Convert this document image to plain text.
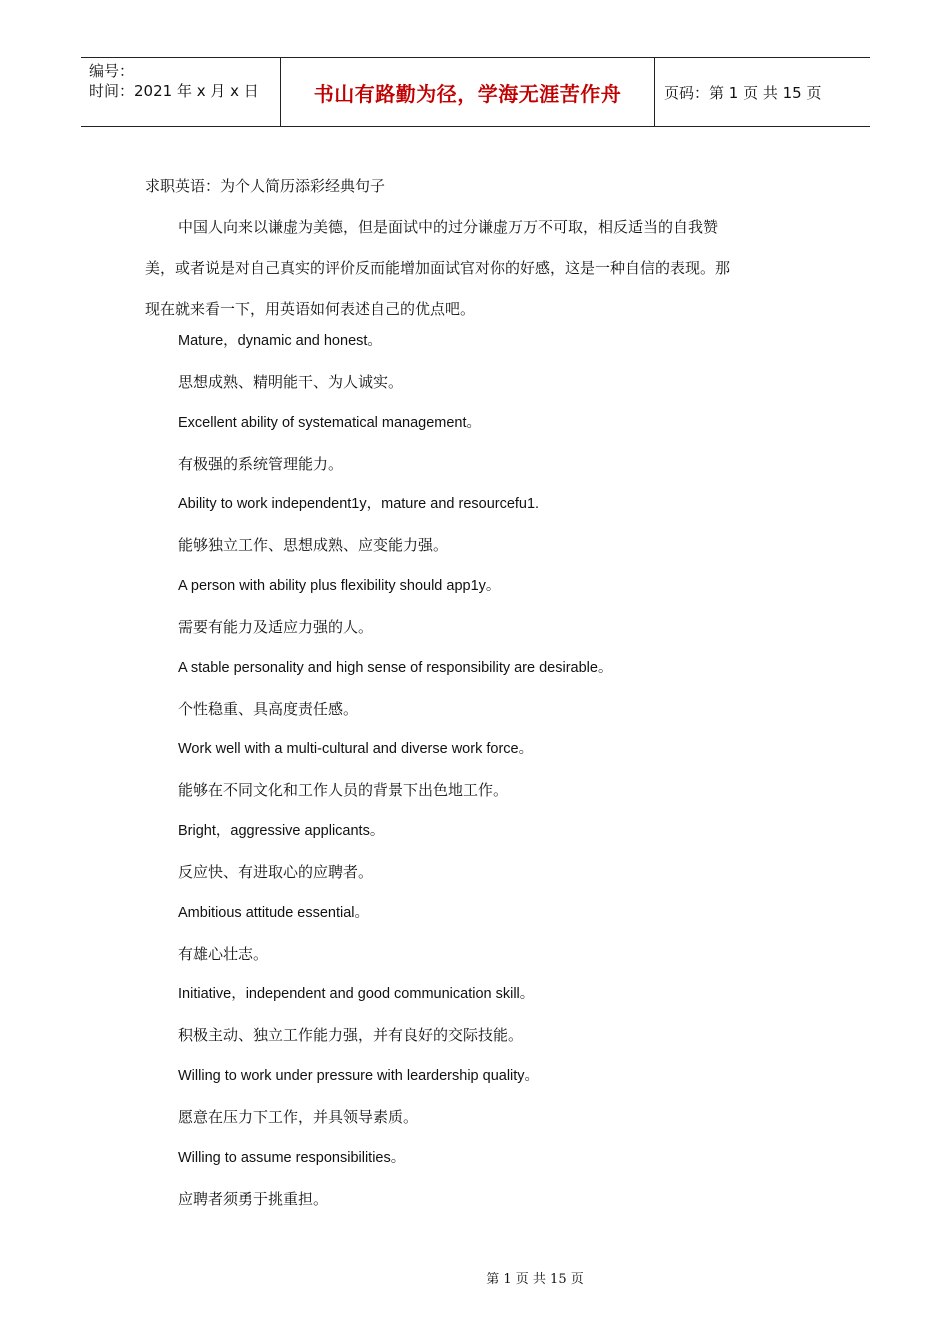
编号：
时间：2021 年 x 月 x 日	书山有路勤为径，学海无涯苦作舟	页码：第 1 页 共 15 页

求职英语：为个人简历添彩经典句子

中国人向来以谦虚为美德，但是面试中的过分谦虚万万不可取，相反适当的自我赞

美，或者说是对自己真实的评价反而能增加面试官对你的好感，这是一种自信的表现。那

现在就来看一下，用英语如何表述自己的优点吧。

Mature，dynamic and honest。
思想成熟、精明能干、为人诚实。
Excellent ability of systematical management。
有极强的系统管理能力。
Ability to work independent1y，mature and resourcefu1.
能够独立工作、思想成熟、应变能力强。
A person with ability plus flexibility should app1y。
需要有能力及适应力强的人。
A stable personality and high sense of responsibility are desirable。
个性稳重、具高度责任感。
Work well with a multi-cultural and diverse work force。
能够在不同文化和工作人员的背景下出色地工作。
Bright，aggressive applicants。
反应快、有进取心的应聘者。
Ambitious attitude essential。
有雄心壮志。
Initiative，independent and good communication skill。
积极主动、独立工作能力强，并有良好的交际技能。
Willing to work under pressure with leardership quality。
愿意在压力下工作，并具领导素质。
Willing to assume responsibilities。
应聘者须勇于挑重担。
第 1 页 共 15 页
